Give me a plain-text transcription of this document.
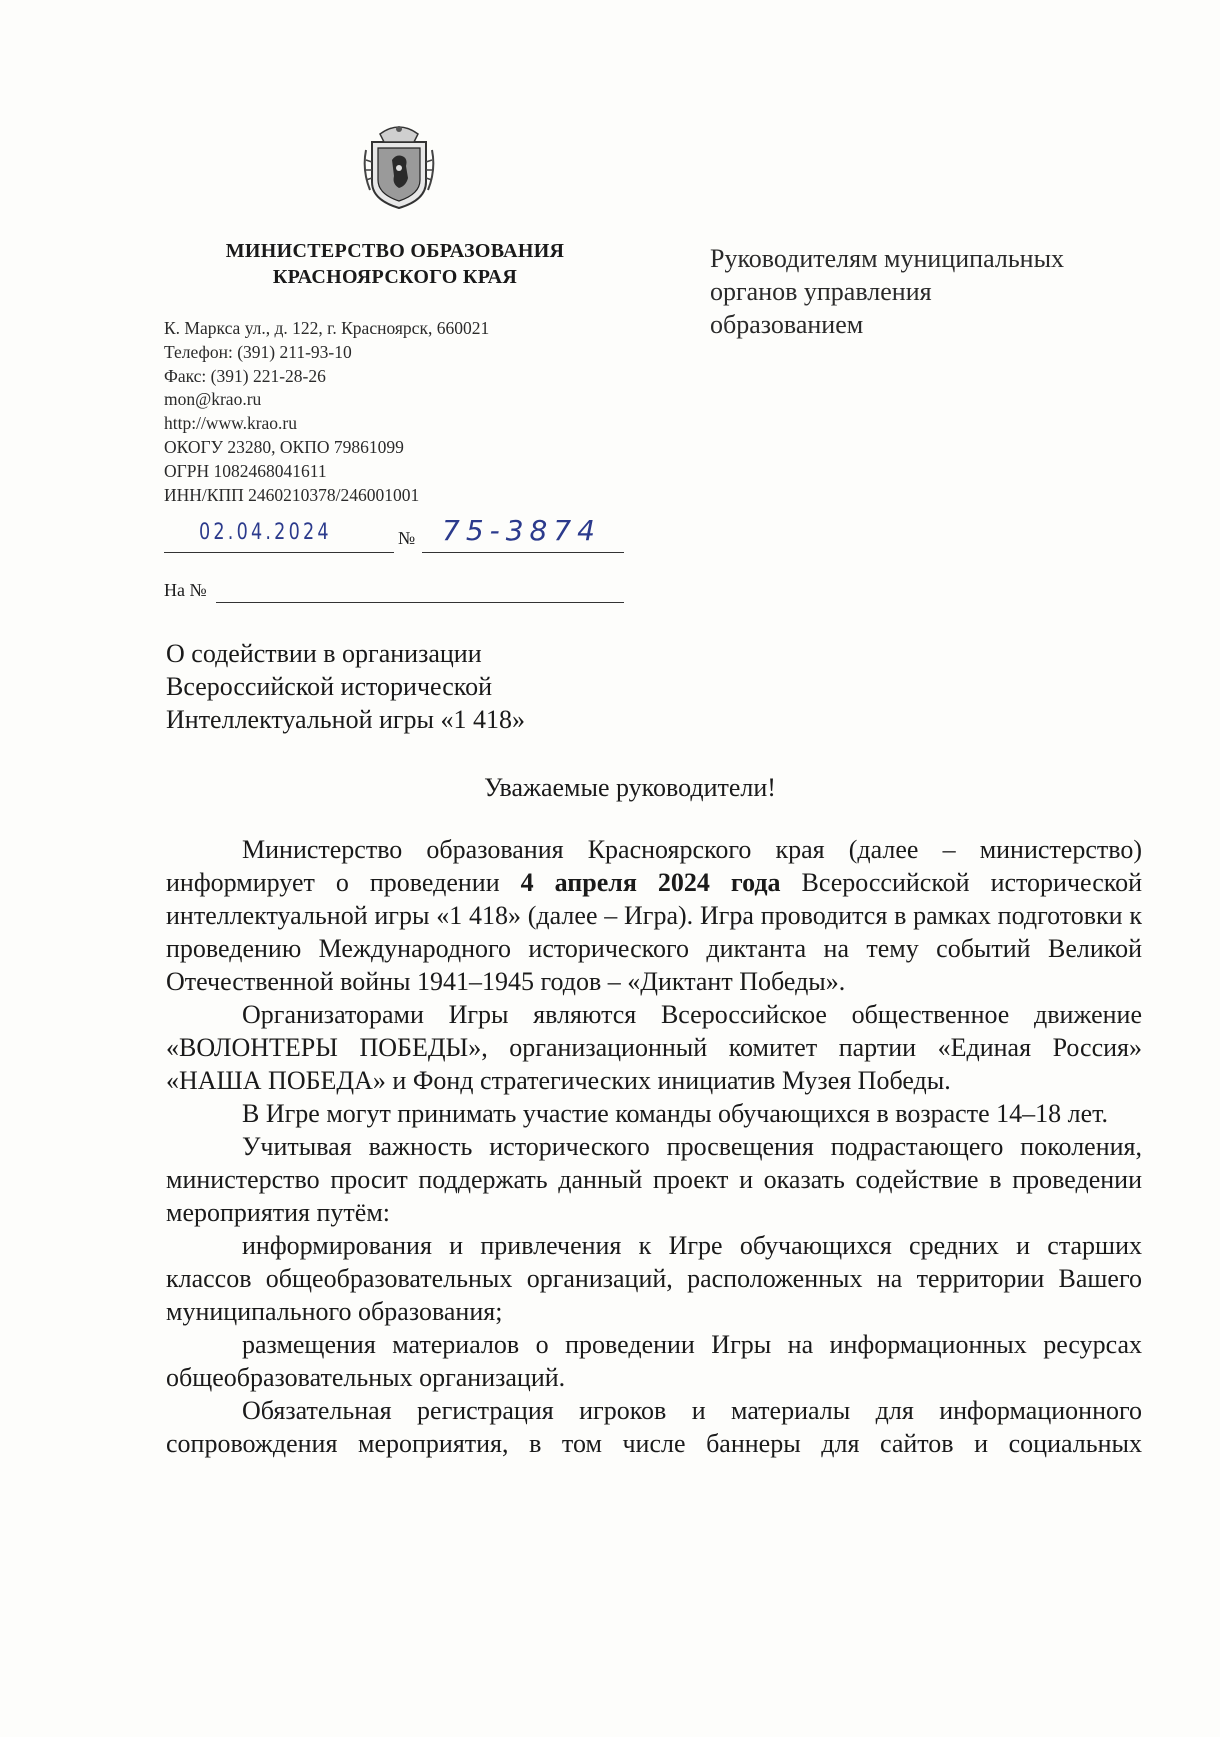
МИНИСТЕРСТВО ОБРАЗОВАНИЯ
КРАСНОЯРСКОГО КРАЯ
К. Маркса ул., д. 122, г. Красноярск, 660021
Телефон: (391) 211-93-10
Факс: (391) 221-28-26
mon@krao.ru
http://www.krao.ru
ОКОГУ 23280, ОКПО 79861099
ОГРН 1082468041611
ИНН/КПП 2460210378/246001001
Руководителям муниципальных
органов управления
образованием
02.04.2024	№ 75-3874
На №
О содействии в организации
Всероссийской исторической
Интеллектуальной игры «1 418»
Уважаемые руководители!

Министерство образования Красноярского края (далее – министерство) информирует о проведении 4 апреля 2024 года Всероссийской исторической интеллектуальной игры «1 418» (далее – Игра). Игра проводится в рамках подготовки к проведению Международного исторического диктанта на тему событий Великой Отечественной войны 1941–1945 годов – «Диктант Победы».

Организаторами Игры являются Всероссийское общественное движение «ВОЛОНТЕРЫ ПОБЕДЫ», организационный комитет партии «Единая Россия» «НАША ПОБЕДА» и Фонд стратегических инициатив Музея Победы.

В Игре могут принимать участие команды обучающихся в возрасте 14–18 лет.

Учитывая важность исторического просвещения подрастающего поколения, министерство просит поддержать данный проект и оказать содействие в проведении мероприятия путём:

информирования и привлечения к Игре обучающихся средних и старших классов общеобразовательных организаций, расположенных на территории Вашего муниципального образования;

размещения материалов о проведении Игры на информационных ресурсах общеобразовательных организаций.

Обязательная регистрация игроков и материалы для информационного сопровождения мероприятия, в том числе баннеры для сайтов и социальных
